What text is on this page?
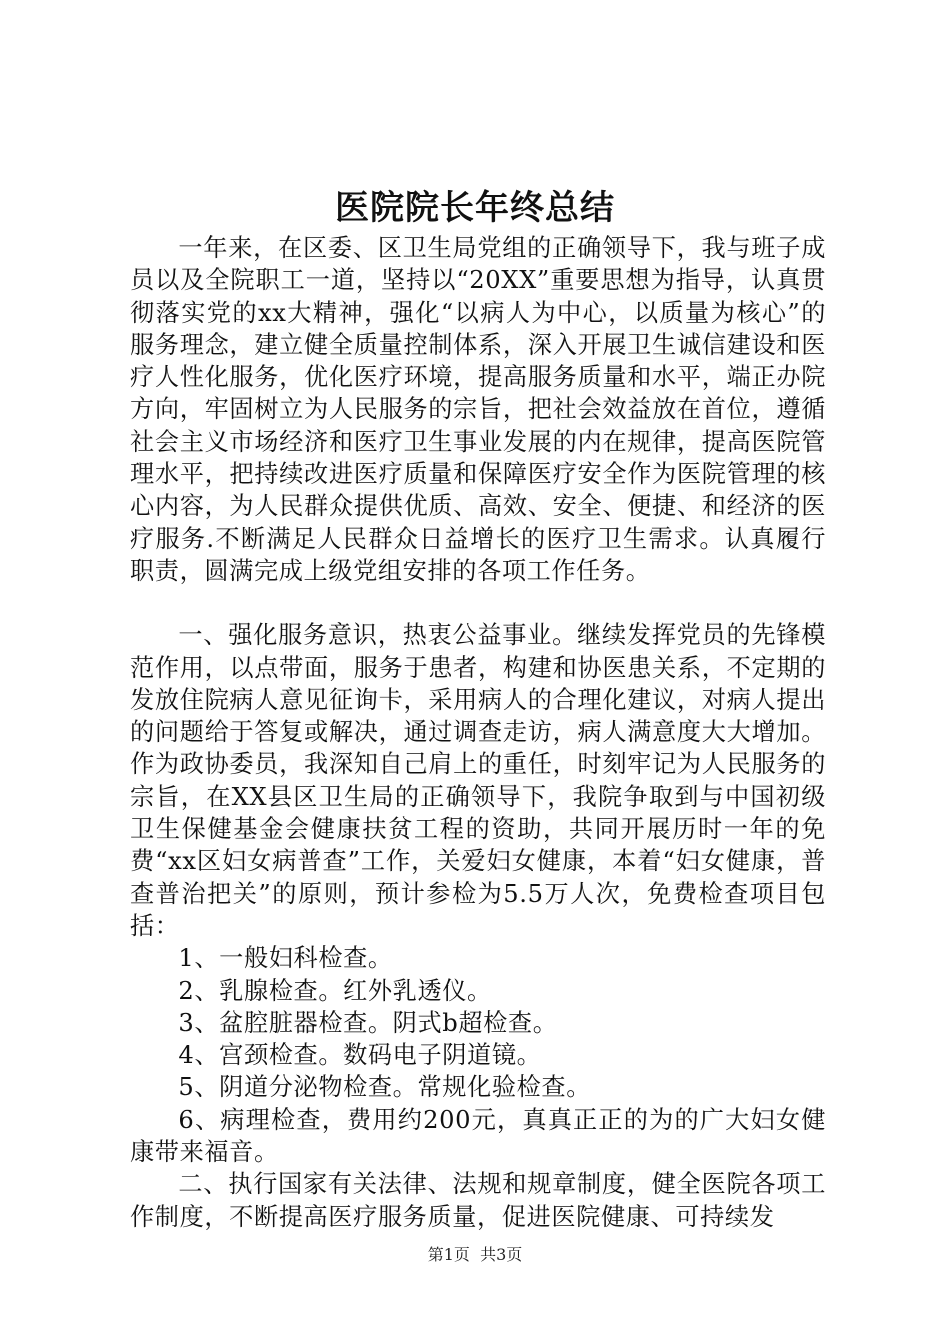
医院院长年终总结

一年来，在区委、区卫生局党组的正确领导下，我与班子成员以及全院职工一道，坚持以“20XX”重要思想为指导，认真贯彻落实党的xx大精神，强化“以病人为中心，以质量为核心”的服务理念，建立健全质量控制体系，深入开展卫生诚信建设和医疗人性化服务，优化医疗环境，提高服务质量和水平，端正办院方向，牢固树立为人民服务的宗旨，把社会效益放在首位，遵循社会主义市场经济和医疗卫生事业发展的内在规律，提高医院管理水平，把持续改进医疗质量和保障医疗安全作为医院管理的核心内容，为人民群众提供优质、高效、安全、便捷、和经济的医疗服务.不断满足人民群众日益增长的医疗卫生需求。认真履行职责，圆满完成上级党组安排的各项工作任务。

一、强化服务意识，热衷公益事业。继续发挥党员的先锋模范作用，以点带面，服务于患者，构建和协医患关系，不定期的发放住院病人意见征询卡，采用病人的合理化建议，对病人提出的问题给于答复或解决，通过调查走访，病人满意度大大增加。作为政协委员，我深知自己肩上的重任，时刻牢记为人民服务的宗旨，在XX县区卫生局的正确领导下，我院争取到与中国初级卫生保健基金会健康扶贫工程的资助，共同开展历时一年的免费“xx区妇女病普查”工作，关爱妇女健康，本着“妇女健康，普查普治把关”的原则，预计参检为5.5万人次，免费检查项目包括：

1、一般妇科检查。

2、乳腺检查。红外乳透仪。

3、盆腔脏器检查。阴式b超检查。

4、宫颈检查。数码电子阴道镜。

5、阴道分泌物检查。常规化验检查。

6、病理检查，费用约200元，真真正正的为的广大妇女健康带来福音。

二、执行国家有关法律、法规和规章制度，健全医院各项工作制度，不断提高医疗服务质量，促进医院健康、可持续发

第1页 共3页
